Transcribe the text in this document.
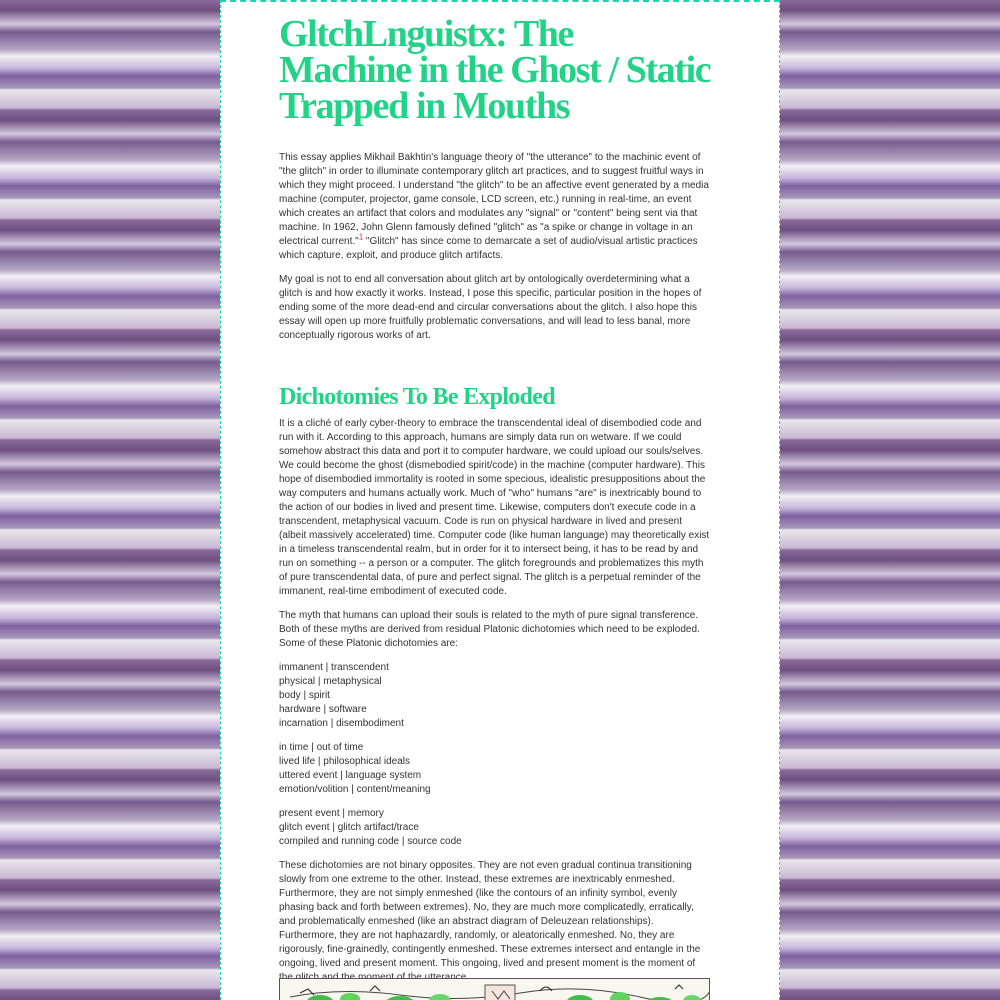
GltchLnguistx: The Machine in the Ghost / Static Trapped in Mouths

This essay applies Mikhail Bakhtin's language theory of "the utterance" to the machinic event of "the glitch" in order to illuminate contemporary glitch art practices, and to suggest fruitful ways in which they might proceed. I understand "the glitch" to be an affective event generated by a media machine (computer, projector, game console, LCD screen, etc.) running in real-time, an event which creates an artifact that colors and modulates any "signal" or "content" being sent via that machine. In 1962, John Glenn famously defined "glitch" as "a spike or change in voltage in an electrical current."$^1$ "Glitch" has since come to demarcate a set of audio/visual artistic practices which capture, exploit, and produce glitch artifacts.

My goal is not to end all conversation about glitch art by ontologically overdetermining what a glitch is and how exactly it works. Instead, I pose this specific, particular position in the hopes of ending some of the more dead-end and circular conversations about the glitch. I also hope this essay will open up more fruitfully problematic conversations, and will lead to less banal, more conceptually rigorous works of art.

Dichotomies To Be Exploded

It is a cliché of early cyber-theory to embrace the transcendental ideal of disembodied code and run with it. According to this approach, humans are simply data run on wetware. If we could somehow abstract this data and port it to computer hardware, we could upload our souls/selves. We could become the ghost (dismebodied spirit/code) in the machine (computer hardware). This hope of disembodied immortality is rooted in some specious, idealistic presuppositions about the way computers and humans actually work. Much of "who" humans "are" is inextricably bound to the action of our bodies in lived and present time. Likewise, computers don't execute code in a transcendent, metaphysical vacuum. Code is run on physical hardware in lived and present (albeit massively accelerated) time. Computer code (like human language) may theoretically exist in a timeless transcendental realm, but in order for it to intersect being, it has to be read by and run on something -- a person or a computer. The glitch foregrounds and problematizes this myth of pure transcendental data, of pure and perfect signal. The glitch is a perpetual reminder of the immanent, real-time embodiment of executed code.

The myth that humans can upload their souls is related to the myth of pure signal transference. Both of these myths are derived from residual Platonic dichotomies which need to be exploded. Some of these Platonic dichotomies are:

immanent | transcendent
physical | metaphysical
body | spirit
hardware | software
incarnation | disembodiment
in time | out of time
lived life | philosophical ideals
uttered event | language system
emotion/volition | content/meaning
present event | memory
glitch event | glitch artifact/trace
compiled and running code | source code

These dichotomies are not binary opposites. They are not even gradual continua transitioning slowly from one extreme to the other. Instead, these extremes are inextricably enmeshed. Furthermore, they are not simply enmeshed (like the contours of an infinity symbol, evenly phasing back and forth between extremes). No, they are much more complicatedly, erratically, and problematically enmeshed (like an abstract diagram of Deleuzean relationships). Furthermore, they are not haphazardly, randomly, or aleatorically enmeshed. No, they are rigorously, fine-grainedly, contingently enmeshed. These extremes intersect and entangle in the ongoing, lived and present moment. This ongoing, lived and present moment is the moment of
